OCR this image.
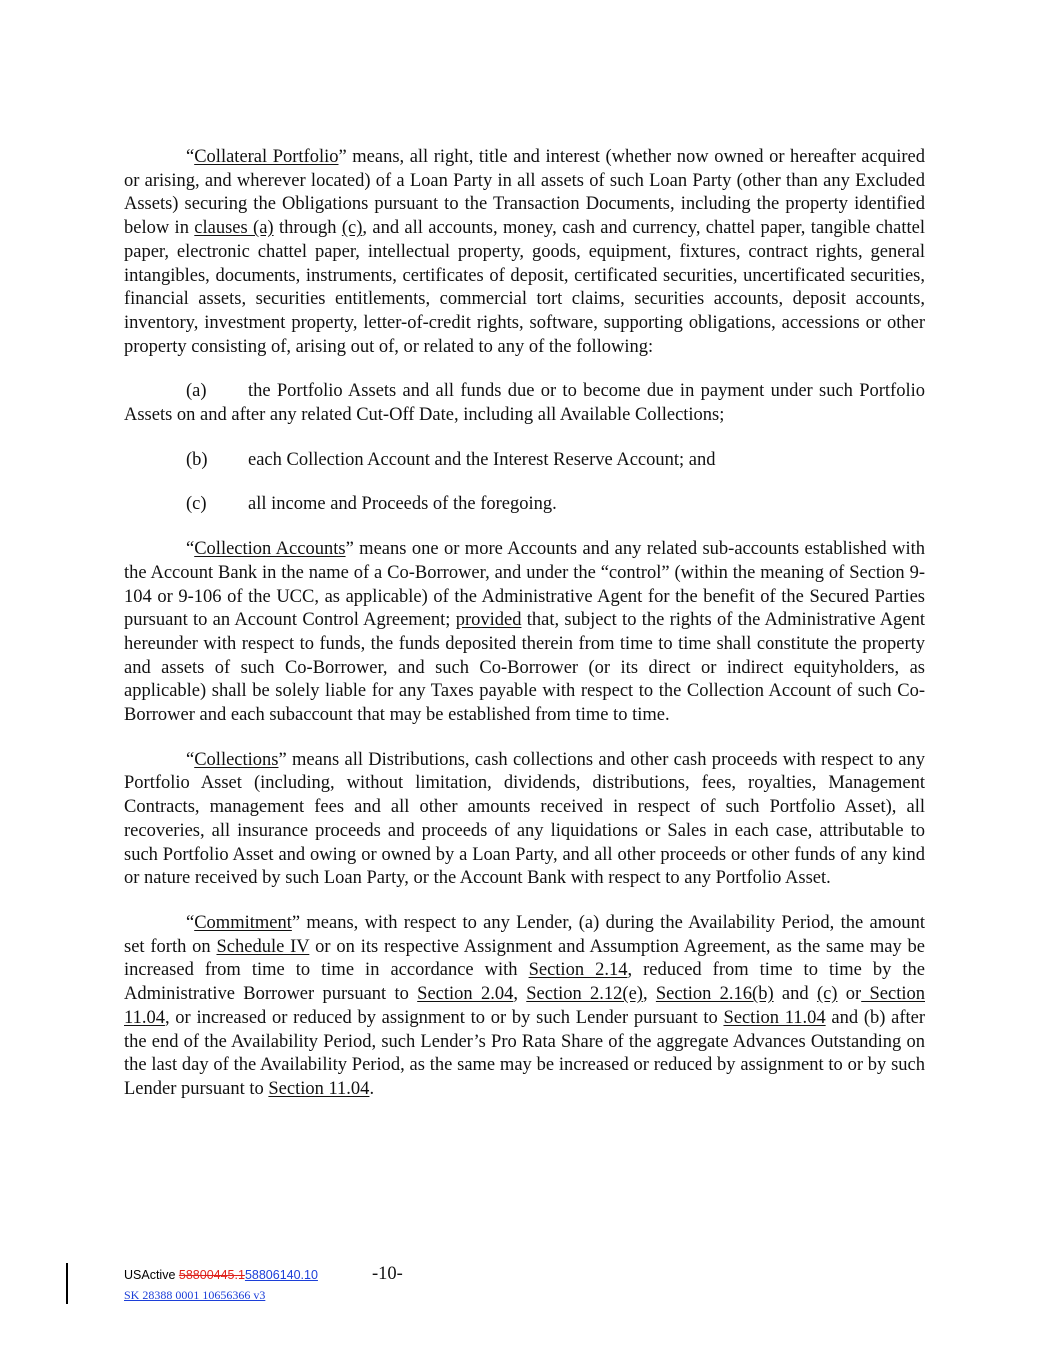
“Collateral Portfolio” means, all right, title and interest (whether now owned or hereafter acquired or arising, and wherever located) of a Loan Party in all assets of such Loan Party (other than any Excluded Assets) securing the Obligations pursuant to the Transaction Documents, including the property identified below in clauses (a) through (c), and all accounts, money, cash and currency, chattel paper, tangible chattel paper, electronic chattel paper, intellectual property, goods, equipment, fixtures, contract rights, general intangibles, documents, instruments, certificates of deposit, certificated securities, uncertificated securities, financial assets, securities entitlements, commercial tort claims, securities accounts, deposit accounts, inventory, investment property, letter-of-credit rights, software, supporting obligations, accessions or other property consisting of, arising out of, or related to any of the following:

(a) the Portfolio Assets and all funds due or to become due in payment under such Portfolio Assets on and after any related Cut-Off Date, including all Available Collections;

(b) each Collection Account and the Interest Reserve Account; and

(c) all income and Proceeds of the foregoing.

“Collection Accounts” means one or more Accounts and any related sub-accounts established with the Account Bank in the name of a Co-Borrower, and under the “control” (within the meaning of Section 9-104 or 9-106 of the UCC, as applicable) of the Administrative Agent for the benefit of the Secured Parties pursuant to an Account Control Agreement; provided that, subject to the rights of the Administrative Agent hereunder with respect to funds, the funds deposited therein from time to time shall constitute the property and assets of such Co-Borrower, and such Co-Borrower (or its direct or indirect equityholders, as applicable) shall be solely liable for any Taxes payable with respect to the Collection Account of such Co-Borrower and each subaccount that may be established from time to time.

“Collections” means all Distributions, cash collections and other cash proceeds with respect to any Portfolio Asset (including, without limitation, dividends, distributions, fees, royalties, Management Contracts, management fees and all other amounts received in respect of such Portfolio Asset), all recoveries, all insurance proceeds and proceeds of any liquidations or Sales in each case, attributable to such Portfolio Asset and owing or owned by a Loan Party, and all other proceeds or other funds of any kind or nature received by such Loan Party, or the Account Bank with respect to any Portfolio Asset.

“Commitment” means, with respect to any Lender, (a) during the Availability Period, the amount set forth on Schedule IV or on its respective Assignment and Assumption Agreement, as the same may be increased from time to time in accordance with Section 2.14, reduced from time to time by the Administrative Borrower pursuant to Section 2.04, Section 2.12(e), Section 2.16(b) and (c) or Section 11.04, or increased or reduced by assignment to or by such Lender pursuant to Section 11.04 and (b) after the end of the Availability Period, such Lender’s Pro Rata Share of the aggregate Advances Outstanding on the last day of the Availability Period, as the same may be increased or reduced by assignment to or by such Lender pursuant to Section 11.04.

USActive 58800445.158806140.10	-10-
SK 28388 0001 10656366 v3
